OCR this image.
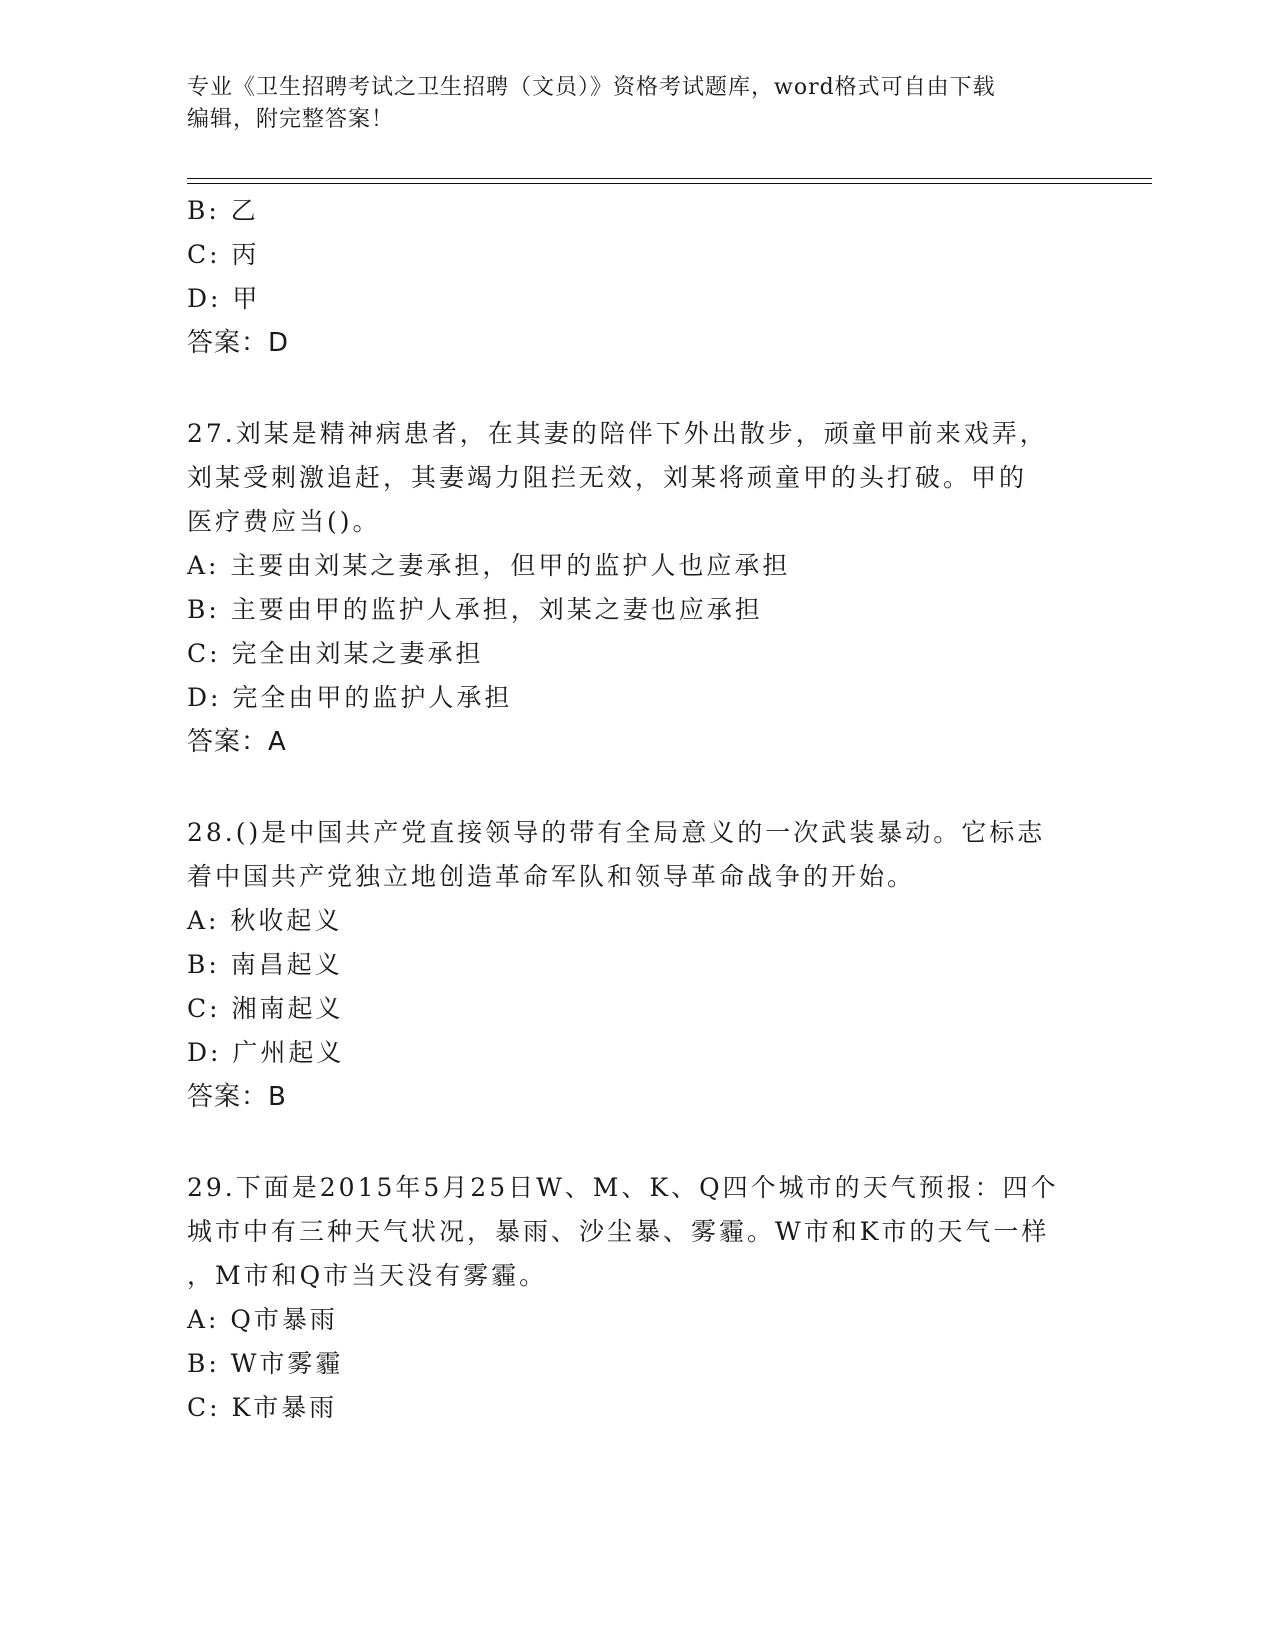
专业《卫生招聘考试之卫生招聘（文员）》资格考试题库，word格式可自由下载
编辑，附完整答案！
B: 乙
C: 丙
D: 甲
答案：D
27.刘某是精神病患者，在其妻的陪伴下外出散步，顽童甲前来戏弄，
刘某受刺激追赶，其妻竭力阻拦无效，刘某将顽童甲的头打破。甲的
医疗费应当()。
A: 主要由刘某之妻承担，但甲的监护人也应承担
B: 主要由甲的监护人承担，刘某之妻也应承担
C: 完全由刘某之妻承担
D: 完全由甲的监护人承担
答案：A
28.()是中国共产党直接领导的带有全局意义的一次武装暴动。它标志
着中国共产党独立地创造革命军队和领导革命战争的开始。
A: 秋收起义
B: 南昌起义
C: 湘南起义
D: 广州起义
答案：B
29.下面是2015年5月25日W、M、K、Q四个城市的天气预报：四个
城市中有三种天气状况，暴雨、沙尘暴、雾霾。W市和K市的天气一样
，M市和Q市当天没有雾霾。
A: Q市暴雨
B: W市雾霾
C: K市暴雨
